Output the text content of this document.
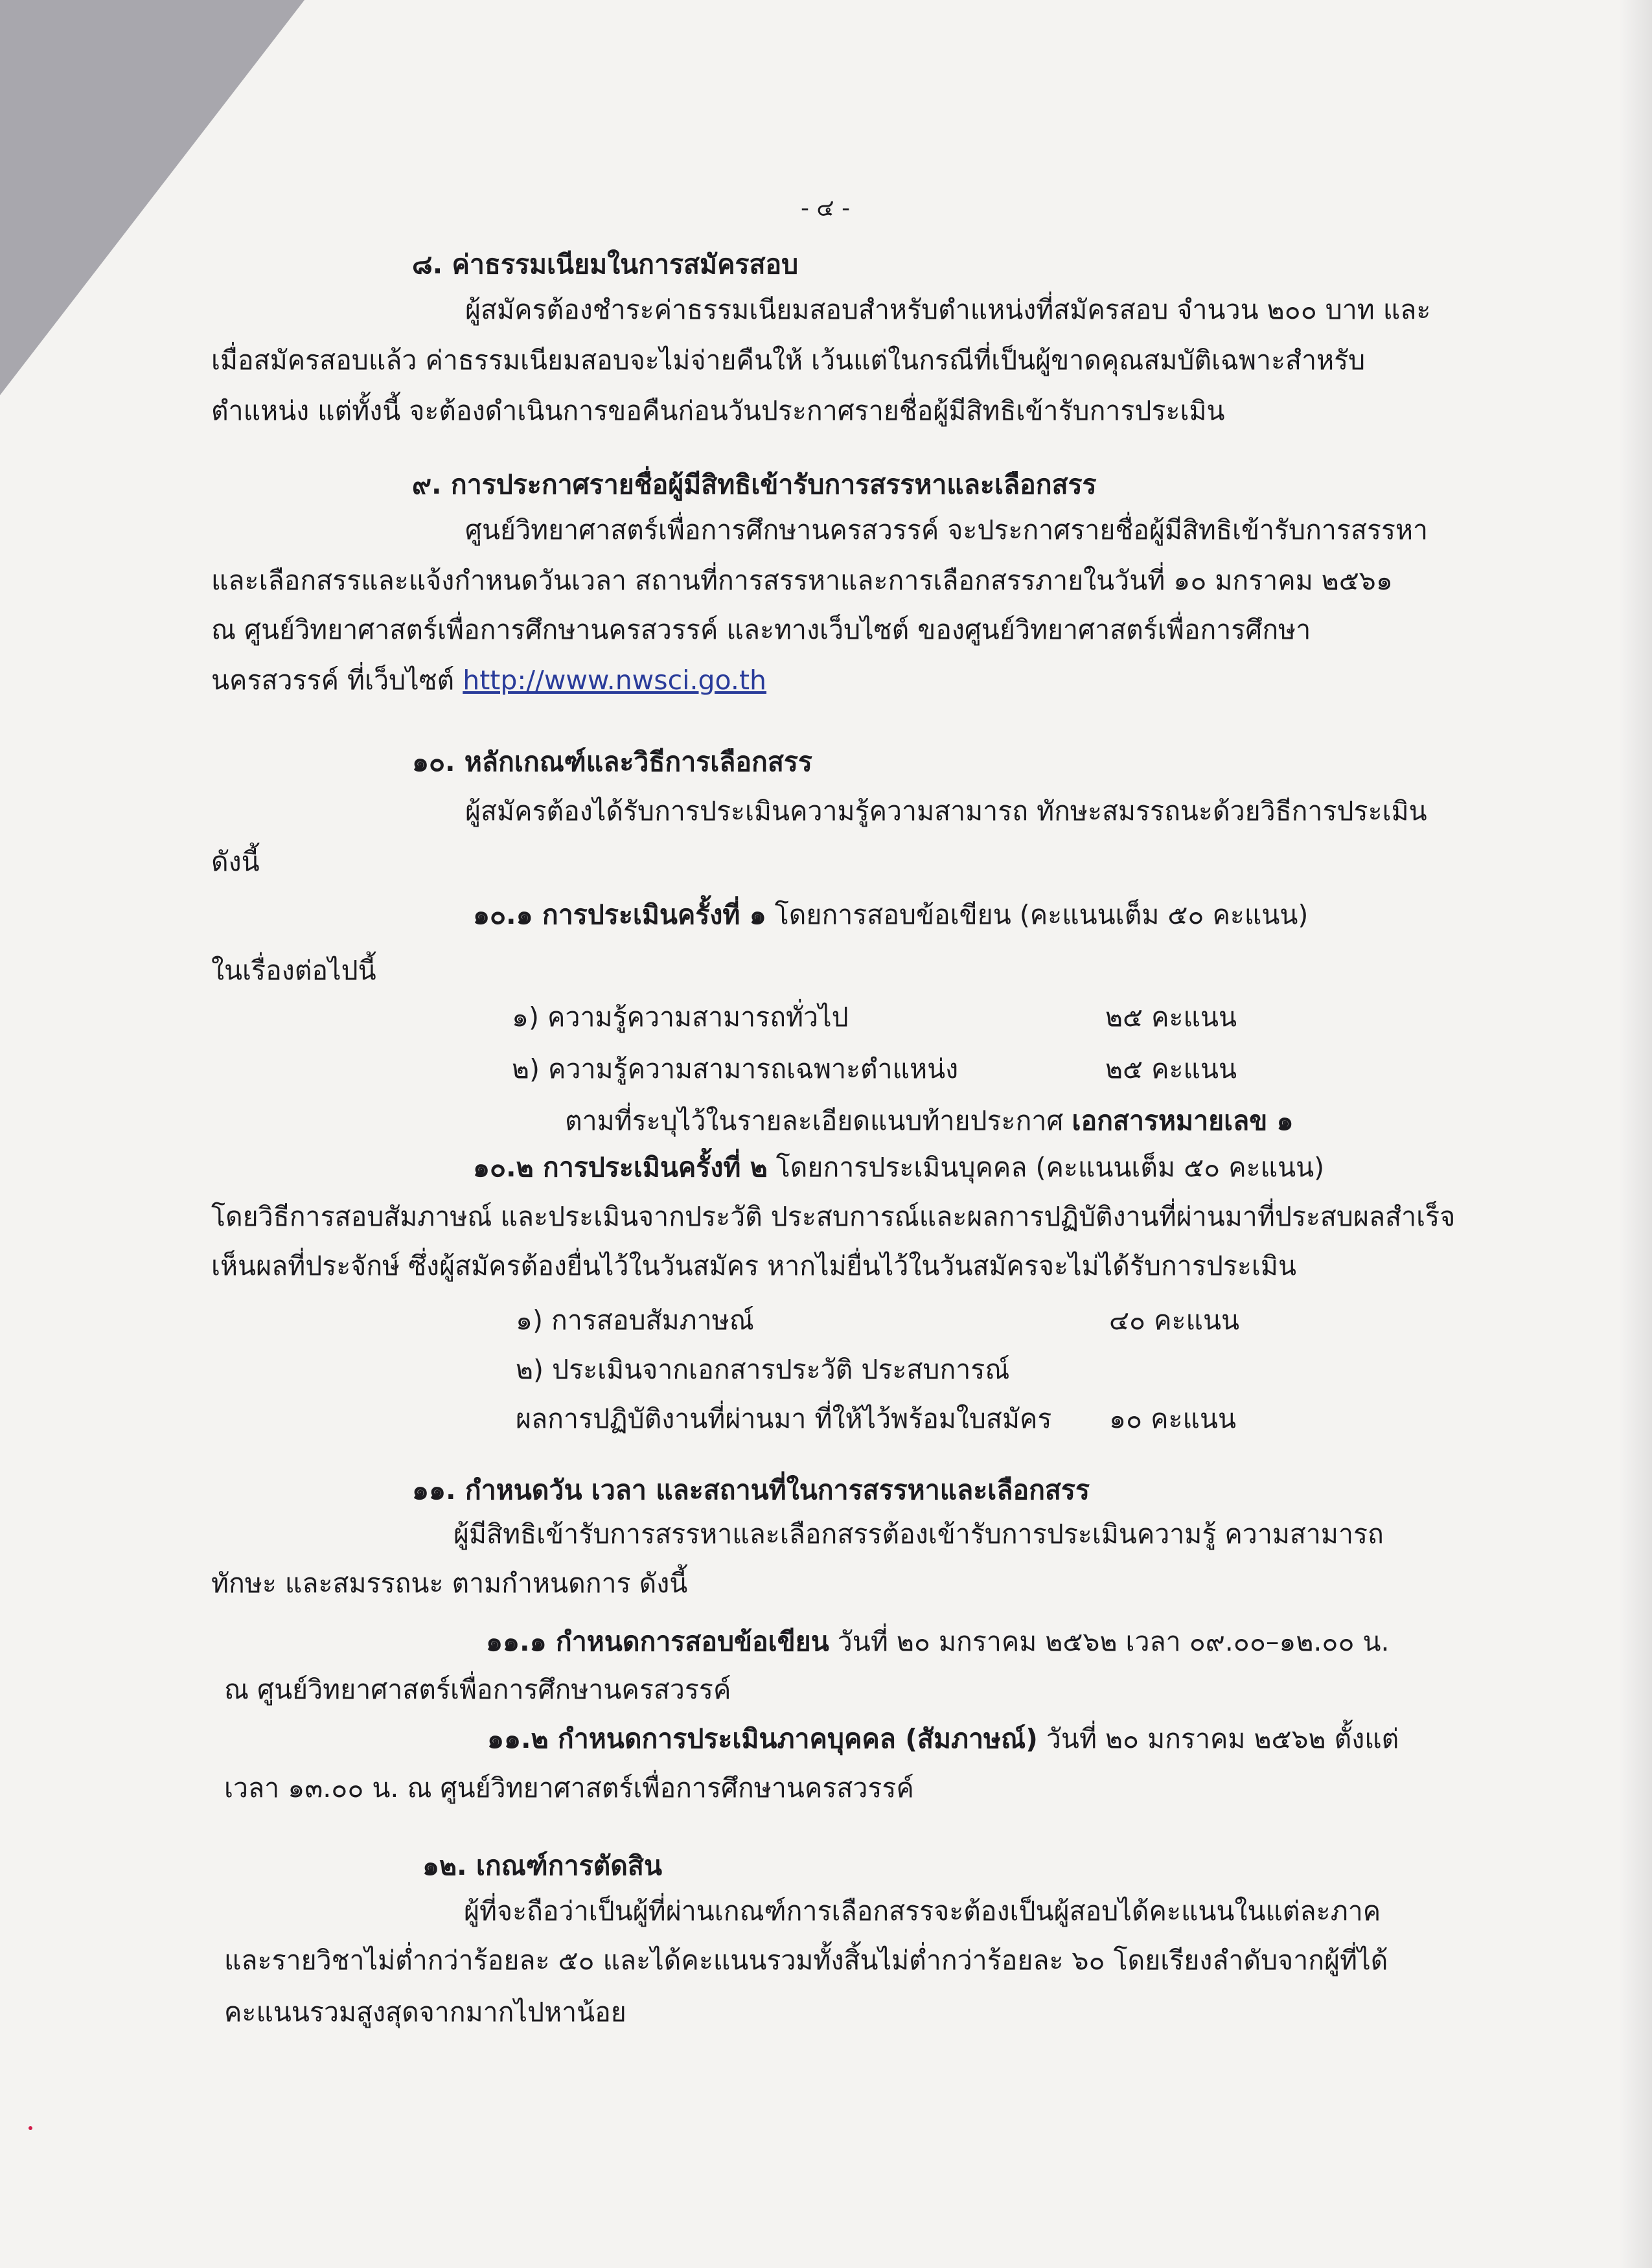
- ๔ -
๘. ค่าธรรมเนียมในการสมัครสอบ
ผู้สมัครต้องชำระค่าธรรมเนียมสอบสำหรับตำแหน่งที่สมัครสอบ จำนวน ๒๐๐ บาท และ
เมื่อสมัครสอบแล้ว ค่าธรรมเนียมสอบจะไม่จ่ายคืนให้ เว้นแต่ในกรณีที่เป็นผู้ขาดคุณสมบัติเฉพาะสำหรับ
ตำแหน่ง แต่ทั้งนี้ จะต้องดำเนินการขอคืนก่อนวันประกาศรายชื่อผู้มีสิทธิเข้ารับการประเมิน
๙. การประกาศรายชื่อผู้มีสิทธิเข้ารับการสรรหาและเลือกสรร
ศูนย์วิทยาศาสตร์เพื่อการศึกษานครสวรรค์ จะประกาศรายชื่อผู้มีสิทธิเข้ารับการสรรหา
และเลือกสรรและแจ้งกำหนดวันเวลา สถานที่การสรรหาและการเลือกสรรภายในวันที่ ๑๐ มกราคม ๒๕๖๑
ณ ศูนย์วิทยาศาสตร์เพื่อการศึกษานครสวรรค์ และทางเว็บไซต์ ของศูนย์วิทยาศาสตร์เพื่อการศึกษา
นครสวรรค์ ที่เว็บไซต์ http://www.nwsci.go.th
๑๐. หลักเกณฑ์และวิธีการเลือกสรร
ผู้สมัครต้องได้รับการประเมินความรู้ความสามารถ ทักษะสมรรถนะด้วยวิธีการประเมิน
ดังนี้
๑๐.๑ การประเมินครั้งที่ ๑ โดยการสอบข้อเขียน (คะแนนเต็ม ๕๐ คะแนน)
ในเรื่องต่อไปนี้
๑) ความรู้ความสามารถทั่วไป	๒๕ คะแนน
๒) ความรู้ความสามารถเฉพาะตำแหน่ง	๒๕ คะแนน
ตามที่ระบุไว้ในรายละเอียดแนบท้ายประกาศ เอกสารหมายเลข ๑
๑๐.๒ การประเมินครั้งที่ ๒ โดยการประเมินบุคคล (คะแนนเต็ม ๕๐ คะแนน)
โดยวิธีการสอบสัมภาษณ์ และประเมินจากประวัติ ประสบการณ์และผลการปฏิบัติงานที่ผ่านมาที่ประสบผลสำเร็จ
เห็นผลที่ประจักษ์ ซึ่งผู้สมัครต้องยื่นไว้ในวันสมัคร หากไม่ยื่นไว้ในวันสมัครจะไม่ได้รับการประเมิน
๑) การสอบสัมภาษณ์	๔๐ คะแนน
๒) ประเมินจากเอกสารประวัติ ประสบการณ์
ผลการปฏิบัติงานที่ผ่านมา ที่ให้ไว้พร้อมใบสมัคร ๑๐ คะแนน
๑๑. กำหนดวัน เวลา และสถานที่ในการสรรหาและเลือกสรร
ผู้มีสิทธิเข้ารับการสรรหาและเลือกสรรต้องเข้ารับการประเมินความรู้ ความสามารถ
ทักษะ และสมรรถนะ ตามกำหนดการ ดังนี้
๑๑.๑ กำหนดการสอบข้อเขียน วันที่ ๒๐ มกราคม ๒๕๖๒ เวลา ๐๙.๐๐–๑๒.๐๐ น.
ณ ศูนย์วิทยาศาสตร์เพื่อการศึกษานครสวรรค์
๑๑.๒ กำหนดการประเมินภาคบุคคล (สัมภาษณ์) วันที่ ๒๐ มกราคม ๒๕๖๒ ตั้งแต่
เวลา ๑๓.๐๐ น. ณ ศูนย์วิทยาศาสตร์เพื่อการศึกษานครสวรรค์
๑๒. เกณฑ์การตัดสิน
ผู้ที่จะถือว่าเป็นผู้ที่ผ่านเกณฑ์การเลือกสรรจะต้องเป็นผู้สอบได้คะแนนในแต่ละภาค
และรายวิชาไม่ต่ำกว่าร้อยละ ๕๐ และได้คะแนนรวมทั้งสิ้นไม่ต่ำกว่าร้อยละ ๖๐ โดยเรียงลำดับจากผู้ที่ได้
คะแนนรวมสูงสุดจากมากไปหาน้อย
